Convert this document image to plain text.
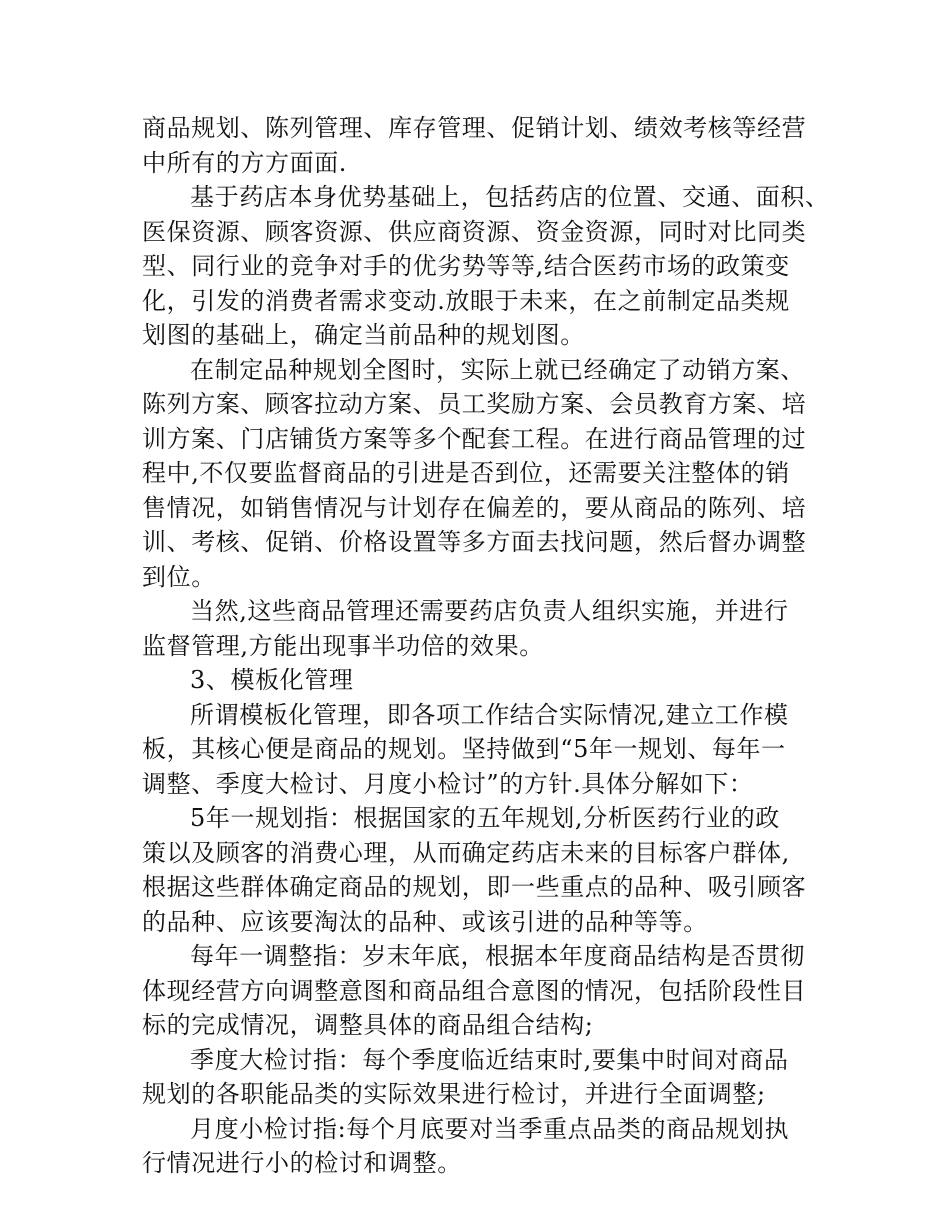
商品规划、陈列管理、库存管理、促销计划、绩效考核等经营
中所有的方方面面.
基于药店本身优势基础上，包括药店的位置、交通、面积、
医保资源、顾客资源、供应商资源、资金资源，同时对比同类
型、同行业的竞争对手的优劣势等等,结合医药市场的政策变
化，引发的消费者需求变动.放眼于未来，在之前制定品类规
划图的基础上，确定当前品种的规划图。
在制定品种规划全图时，实际上就已经确定了动销方案、
陈列方案、顾客拉动方案、员工奖励方案、会员教育方案、培
训方案、门店铺货方案等多个配套工程。在进行商品管理的过
程中,不仅要监督商品的引进是否到位，还需要关注整体的销
售情况，如销售情况与计划存在偏差的，要从商品的陈列、培
训、考核、促销、价格设置等多方面去找问题，然后督办调整
到位。
当然,这些商品管理还需要药店负责人组织实施，并进行
监督管理,方能出现事半功倍的效果。
3、模板化管理
所谓模板化管理，即各项工作结合实际情况,建立工作模
板，其核心便是商品的规划。坚持做到“5年一规划、每年一
调整、季度大检讨、月度小检讨”的方针.具体分解如下：
5年一规划指：根据国家的五年规划,分析医药行业的政
策以及顾客的消费心理，从而确定药店未来的目标客户群体,
根据这些群体确定商品的规划，即一些重点的品种、吸引顾客
的品种、应该要淘汰的品种、或该引进的品种等等。
每年一调整指：岁末年底，根据本年度商品结构是否贯彻
体现经营方向调整意图和商品组合意图的情况，包括阶段性目
标的完成情况，调整具体的商品组合结构;
季度大检讨指：每个季度临近结束时,要集中时间对商品
规划的各职能品类的实际效果进行检讨，并进行全面调整;
月度小检讨指:每个月底要对当季重点品类的商品规划执
行情况进行小的检讨和调整。
